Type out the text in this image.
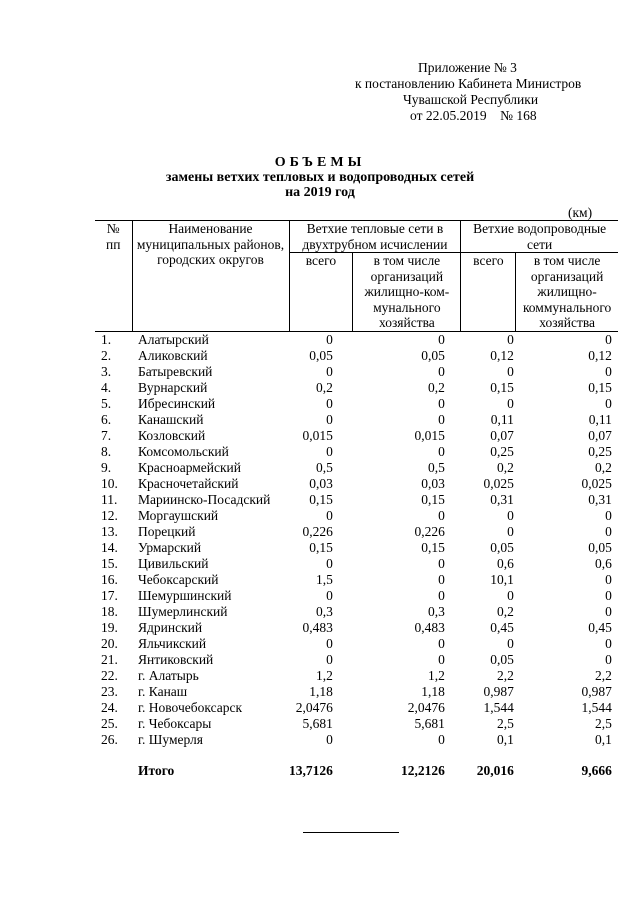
Приложение № 3
к постановлению Кабинета Министров
Чувашской Республики
от 22.05.2019    № 168
ОБЪЕМЫ
замены ветхих тепловых и водопроводных сетей
на 2019 год
(км)
№ пп	Наименование муниципальных районов, городских округов	Ветхие тепловые сети в двухтрубном исчислении		Ветхие водопроводные сети	
		всего	в том числе организаций жилищно-ком-мунального хозяйства	всего	в том числе организаций жилищно-коммунального хозяйства
1.	Алатырский	0	0	0	0
2.	Аликовский	0,05	0,05	0,12	0,12
3.	Батыревский	0	0	0	0
4.	Вурнарский	0,2	0,2	0,15	0,15
5.	Ибресинский	0	0	0	0
6.	Канашский	0	0	0,11	0,11
7.	Козловский	0,015	0,015	0,07	0,07
8.	Комсомольский	0	0	0,25	0,25
9.	Красноармейский	0,5	0,5	0,2	0,2
10.	Красночетайский	0,03	0,03	0,025	0,025
11.	Мариинско-Посадский	0,15	0,15	0,31	0,31
12.	Моргаушский	0	0	0	0
13.	Порецкий	0,226	0,226	0	0
14.	Урмарский	0,15	0,15	0,05	0,05
15.	Цивильский	0	0	0,6	0,6
16.	Чебоксарский	1,5	0	10,1	0
17.	Шемуршинский	0	0	0	0
18.	Шумерлинский	0,3	0,3	0,2	0
19.	Ядринский	0,483	0,483	0,45	0,45
20.	Яльчикский	0	0	0	0
21.	Янтиковский	0	0	0,05	0
22.	г. Алатырь	1,2	1,2	2,2	2,2
23.	г. Канаш	1,18	1,18	0,987	0,987
24.	г. Новочебоксарск	2,0476	2,0476	1,544	1,544
25.	г. Чебоксары	5,681	5,681	2,5	2,5
26.	г. Шумерля	0	0	0,1	0,1
	Итого	13,7126	12,2126	20,016	9,666
